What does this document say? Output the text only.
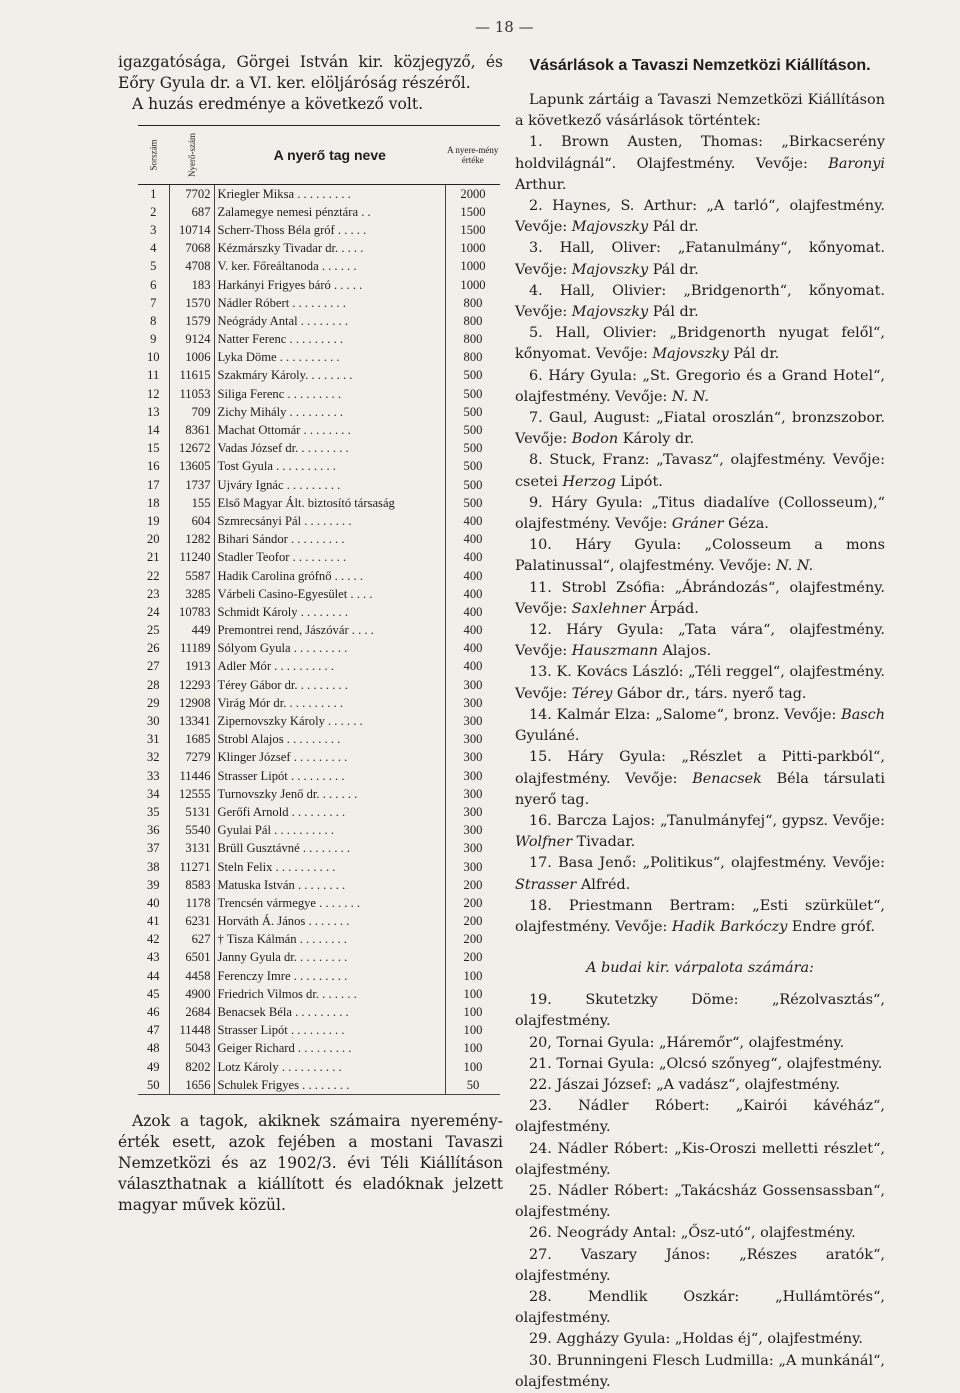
— 18 —

igazgatósága, Görgei István kir. közjegyző, és Eőry Gyula dr. a VI. ker. elöljáróság részéről.

A huzás eredménye a következő volt.

Sorszám	Nyerő-szám	A nyerő tag neve	A nyere-mény értéke
1	7702	Kriegler Miksa . . . . . . . . .	2000
2	687	Zalamegye nemesi pénztára . .	1500
3	10714	Scherr-Thoss Béla gróf . . . . .	1500
4	7068	Kézmárszky Tivadar dr. . . . .	1000
5	4708	V. ker. Főreáltanoda . . . . . .	1000
6	183	Harkányi Frigyes báró . . . . .	1000
7	1570	Nádler Róbert . . . . . . . . .	800
8	1579	Neógrády Antal . . . . . . . .	800
9	9124	Natter Ferenc . . . . . . . . .	800
10	1006	Lyka Döme . . . . . . . . . .	800
11	11615	Szakmáry Károly. . . . . . . .	500
12	11053	Siliga Ferenc . . . . . . . . .	500
13	709	Zichy Mihály . . . . . . . . .	500
14	8361	Machat Ottomár . . . . . . . .	500
15	12672	Vadas József dr. . . . . . . . .	500
16	13605	Tost Gyula . . . . . . . . . .	500
17	1737	Ujváry Ignác . . . . . . . . .	500
18	155	Első Magyar Ált. biztosító társaság	500
19	604	Szmrecsányi Pál . . . . . . . .	400
20	1282	Bihari Sándor . . . . . . . . .	400
21	11240	Stadler Teofor . . . . . . . . .	400
22	5587	Hadik Carolina grófnő . . . . .	400
23	3285	Várbeli Casino-Egyesület . . . .	400
24	10783	Schmidt Károly . . . . . . . .	400
25	449	Premontrei rend, Jászóvár . . . .	400
26	11189	Sólyom Gyula . . . . . . . . .	400
27	1913	Adler Mór . . . . . . . . . .	400
28	12293	Térey Gábor dr. . . . . . . . .	300
29	12908	Virág Mór dr. . . . . . . . . .	300
30	13341	Zipernovszky Károly . . . . . .	300
31	1685	Strobl Alajos . . . . . . . . .	300
32	7279	Klinger József . . . . . . . . .	300
33	11446	Strasser Lipót . . . . . . . . .	300
34	12555	Turnovszky Jenő dr. . . . . . .	300
35	5131	Gerőfi Arnold . . . . . . . . .	300
36	5540	Gyulai Pál . . . . . . . . . .	300
37	3131	Brüll Gusztávné . . . . . . . .	300
38	11271	Steln Felix . . . . . . . . . .	300
39	8583	Matuska István . . . . . . . .	200
40	1178	Trencsén vármegye . . . . . . .	200
41	6231	Horváth Á. János . . . . . . .	200
42	627	† Tisza Kálmán . . . . . . . .	200
43	6501	Janny Gyula dr. . . . . . . . .	200
44	4458	Ferenczy Imre . . . . . . . . .	100
45	4900	Friedrich Vilmos dr. . . . . . .	100
46	2684	Benacsek Béla . . . . . . . . .	100
47	11448	Strasser Lipót . . . . . . . . .	100
48	5043	Geiger Richard . . . . . . . . .	100
49	8202	Lotz Károly . . . . . . . . . .	100
50	1656	Schulek Frigyes . . . . . . . .	50

Azok a tagok, akiknek számaira nyeremény-érték esett, azok fejében a mostani Tavaszi Nemzetközi és az 1902/3. évi Téli Kiállításon választhatnak a kiállított és eladóknak jelzett magyar művek közül.

Vásárlások a Tavaszi Nemzetközi Kiállításon.

Lapunk zártáig a Tavaszi Nemzetközi Kiállításon a következő vásárlások történtek:

1. Brown Austen, Thomas: „Birkacserény holdvilágnál“. Olajfestmény. Vevője: Baronyi Arthur.

2. Haynes, S. Arthur: „A tarló“, olajfestmény. Vevője: Majovszky Pál dr.

3. Hall, Oliver: „Fatanulmány“, kőnyomat. Vevője: Majovszky Pál dr.

4. Hall, Olivier: „Bridgenorth“, kőnyomat. Vevője: Majovszky Pál dr.

5. Hall, Olivier: „Bridgenorth nyugat felől“, kőnyomat. Vevője: Majovszky Pál dr.

6. Háry Gyula: „St. Gregorio és a Grand Hotel“, olajfestmény. Vevője: N. N.

7. Gaul, August: „Fiatal oroszlán“, bronzszobor. Vevője: Bodon Károly dr.

8. Stuck, Franz: „Tavasz“, olajfestmény. Vevője: csetei Herzog Lipót.

9. Háry Gyula: „Titus diadalíve (Collosseum),“ olajfestmény. Vevője: Gráner Géza.

10. Háry Gyula: „Colosseum a mons Palatinussal“, olajfestmény. Vevője: N. N.

11. Strobl Zsófia: „Ábrándozás“, olajfestmény. Vevője: Saxlehner Árpád.

12. Háry Gyula: „Tata vára“, olajfestmény. Vevője: Hauszmann Alajos.

13. K. Kovács László: „Téli reggel“, olajfestmény. Vevője: Térey Gábor dr., társ. nyerő tag.

14. Kalmár Elza: „Salome“, bronz. Vevője: Basch Gyuláné.

15. Háry Gyula: „Részlet a Pitti-parkból“, olajfestmény. Vevője: Benacsek Béla társulati nyerő tag.

16. Barcza Lajos: „Tanulmányfej“, gypsz. Vevője: Wolfner Tivadar.

17. Basa Jenő: „Politikus“, olajfestmény. Vevője: Strasser Alfréd.

18. Priestmann Bertram: „Esti szürkület“, olajfestmény. Vevője: Hadik Barkóczy Endre gróf.

A budai kir. várpalota számára:

19. Skutetzky Döme: „Rézolvasztás“, olajfestmény.

20, Tornai Gyula: „Háremőr“, olajfestmény.

21. Tornai Gyula: „Olcsó szőnyeg“, olajfestmény.

22. Jászai József: „A vadász“, olajfestmény.

23. Nádler Róbert: „Kairói kávéház“, olajfestmény.

24. Nádler Róbert: „Kis-Oroszi melletti részlet“, olajfestmény.

25. Nádler Róbert: „Takácsház Gossensassban“, olajfestmény.

26. Neogrády Antal: „Ősz-utó“, olajfestmény.

27. Vaszary János: „Részes aratók“, olajfestmény.

28. Mendlik Oszkár: „Hullámtörés“, olajfestmény.

29. Aggházy Gyula: „Holdas éj“, olajfestmény.

30. Brunningeni Flesch Ludmilla: „A munkánál“, olajfestmény.
